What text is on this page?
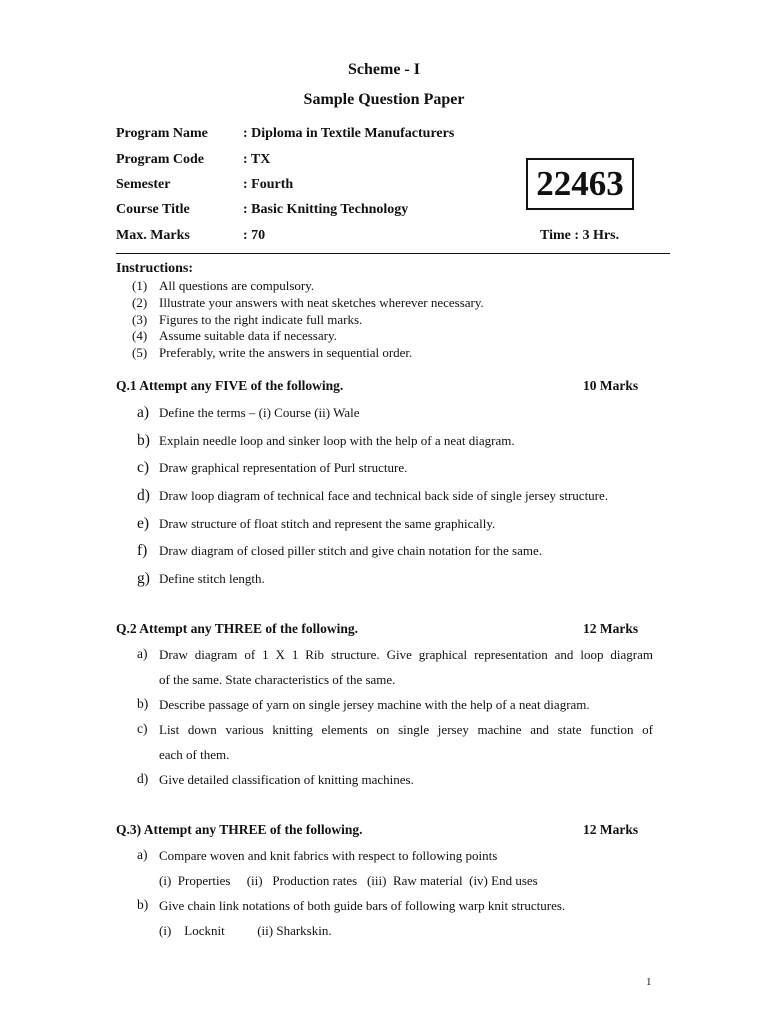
Scheme - I
Sample Question Paper
Program Name	: Diploma in Textile Manufacturers
Program Code	: TX
Semester	: Fourth
Course Title	: Basic Knitting Technology
Max. Marks	: 70	Time : 3 Hrs.
22463
Instructions:
(1) All questions are compulsory.
(2) Illustrate your answers with neat sketches wherever necessary.
(3) Figures to the right indicate full marks.
(4) Assume suitable data if necessary.
(5) Preferably, write the answers in sequential order.
Q.1 Attempt any FIVE of the following.	10 Marks
a) Define the terms – (i) Course (ii) Wale
b) Explain needle loop and sinker loop with the help of a neat diagram.
c) Draw graphical representation of Purl structure.
d) Draw loop diagram of technical face and technical back side of single jersey structure.
e) Draw structure of float stitch and represent the same graphically.
f) Draw diagram of closed piller stitch and give chain notation for the same.
g) Define stitch length.
Q.2 Attempt any THREE of the following.	12 Marks
a) Draw diagram of 1 X 1 Rib structure. Give graphical representation and loop diagram
of the same. State characteristics of the same.
b) Describe passage of yarn on single jersey machine with the help of a neat diagram.
c) List down various knitting elements on single jersey machine and state function of
each of them.
d) Give detailed classification of knitting machines.
Q.3) Attempt any THREE of the following.	12 Marks
a) Compare woven and knit fabrics with respect to following points
(i)  Properties     (ii)   Production rates   (iii)  Raw material  (iv) End uses
b) Give chain link notations of both guide bars of following warp knit structures.
(i)    Locknit          (ii) Sharkskin.
1
